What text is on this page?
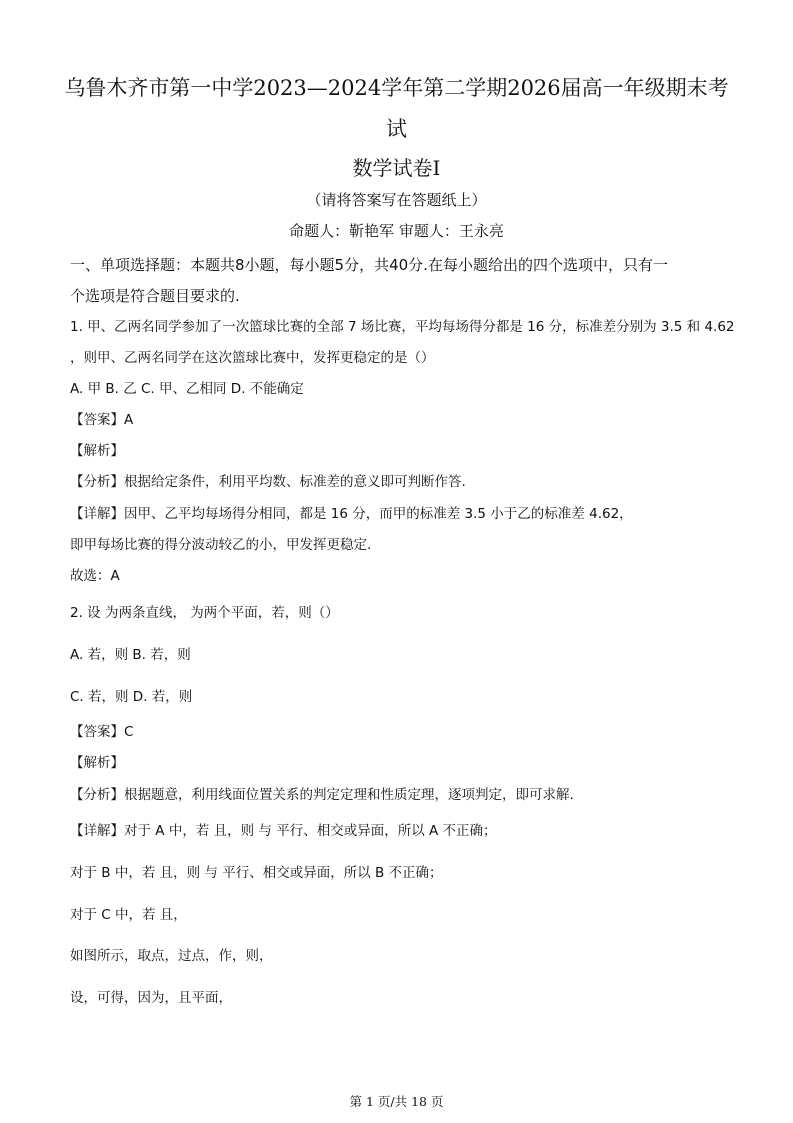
乌鲁木齐市第一中学2023—2024学年第二学期2026届高一年级期末考
试
数学试卷Ⅰ
（请将答案写在答题纸上）
命题人：靳艳军 审题人：王永亮
一、单项选择题：本题共8小题，每小题5分，共40分.在每小题给出的四个选项中，只有一
个选项是符合题目要求的.
1. 甲、乙两名同学参加了一次篮球比赛的全部 7 场比赛，平均每场得分都是 16 分，标准差分别为 3.5 和 4.62
，则甲、乙两名同学在这次篮球比赛中，发挥更稳定的是（）
A. 甲 B. 乙 C. 甲、乙相同 D. 不能确定
【答案】A
【解析】
【分析】根据给定条件，利用平均数、标准差的意义即可判断作答.
【详解】因甲、乙平均每场得分相同，都是 16 分，而甲的标准差 3.5 小于乙的标准差 4.62，
即甲每场比赛的得分波动较乙的小，甲发挥更稳定.
故选：A
2. 设 为两条直线， 为两个平面，若，则（）
A. 若，则 B. 若，则
C. 若，则 D. 若，则
【答案】C
【解析】
【分析】根据题意，利用线面位置关系的判定定理和性质定理，逐项判定，即可求解.
【详解】对于 A 中，若 且，则 与 平行、相交或异面，所以 A 不正确；
对于 B 中，若 且，则 与 平行、相交或异面，所以 B 不正确；
对于 C 中，若 且，
如图所示，取点，过点，作，则，
设，可得，因为，且平面，
第 1 页/共 18 页
